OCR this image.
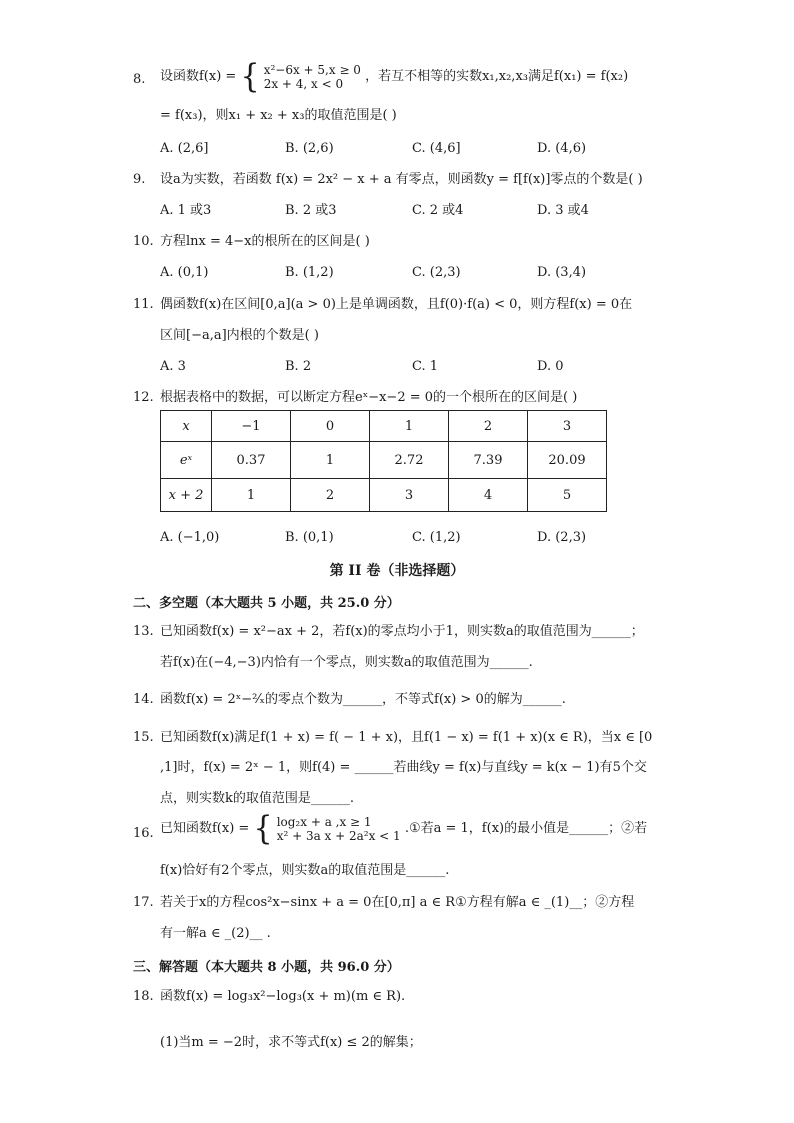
8. 设函数f(x) = { x²−6x + 5,x ≥ 0
2x + 4, x < 0 ，若互不相等的实数x₁,x₂,x₃满足f(x₁) = f(x₂)
= f(x₃)，则x₁ + x₂ + x₃的取值范围是( )
A. (2,6]	B. (2,6)	C. (4,6]	D. (4,6)
9. 设a为实数，若函数 f(x) = 2x² − x + a 有零点，则函数y = f[f(x)]零点的个数是( )
A. 1 或3	B. 2 或3	C. 2 或4	D. 3 或4
10. 方程lnx = 4−x的根所在的区间是( )
A. (0,1)	B. (1,2)	C. (2,3)	D. (3,4)
11. 偶函数f(x)在区间[0,a](a > 0)上是单调函数，且f(0)·f(a) < 0，则方程f(x) = 0在
区间[−a,a]内根的个数是( )
A. 3	B. 2	C. 1	D. 0
12. 根据表格中的数据，可以断定方程eˣ−x−2 = 0的一个根所在的区间是( )
x	−1	0	1	2	3
eˣ	0.37	1	2.72	7.39	20.09
x + 2	1	2	3	4	5
A. (−1,0)	B. (0,1)	C. (1,2)	D. (2,3)
第 II 卷（非选择题）
二、多空题（本大题共 5 小题，共 25.0 分）
13. 已知函数f(x) = x²−ax + 2，若f(x)的零点均小于1，则实数a的取值范围为______；
若f(x)在(−4,−3)内恰有一个零点，则实数a的取值范围为______.
14. 函数f(x) = 2ˣ−²⁄ₓ的零点个数为______，不等式f(x) > 0的解为______.
15. 已知函数f(x)满足f(1 + x) = f( − 1 + x)，且f(1 − x) = f(1 + x)(x ∈ R)，当x ∈ [0
,1]时，f(x) = 2ˣ − 1，则f(4) = ______若曲线y = f(x)与直线y = k(x − 1)有5个交
点，则实数k的取值范围是______.
16. 已知函数f(x) = { log₂x + a ,x ≥ 1
x² + 3a x + 2a²x < 1 .①若a = 1，f(x)的最小值是______；②若
f(x)恰好有2个零点，则实数a的取值范围是______.
17. 若关于x的方程cos²x−sinx + a = 0在[0,π] a ∈ R①方程有解a ∈ _(1)__；②方程
有一解a ∈ _(2)__ .
三、解答题（本大题共 8 小题，共 96.0 分）
18. 函数f(x) = log₃x²−log₃(x + m)(m ∈ R).
(1)当m = −2时，求不等式f(x) ≤ 2的解集；
